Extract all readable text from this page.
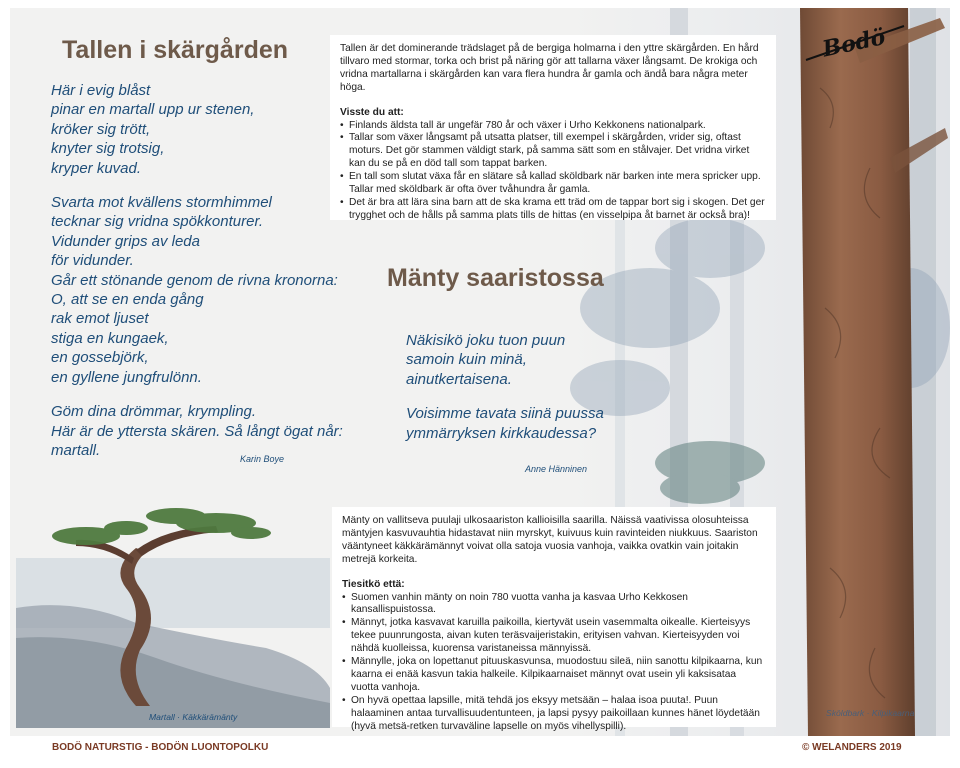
Bodö
Tallen i skärgården

Här i evig blåst
pinar en martall upp ur stenen,
kröker sig trött,
knyter sig trotsig,
kryper kuvad.

Svarta mot kvällens stormhimmel
tecknar sig vridna spökkonturer.
Vidunder grips av leda
för vidunder.
Går ett stönande genom de rivna kronorna:
O, att se en enda gång
rak emot ljuset
stiga en kungaek,
en gossebjörk,
en gyllene jungfrulönn.

Göm dina drömmar, krympling.
Här är de yttersta skären. Så långt ögat når:
martall.

Karin Boye

Tallen är det dominerande trädslaget på de bergiga holmarna i den yttre skärgården. En hård tillvaro med stormar, torka och brist på näring gör att tallarna växer långsamt. De krokiga och vridna martallarna i skärgården kan vara flera hundra år gamla och ändå bara några meter höga.

Visste du att:

• Finlands äldsta tall är ungefär 780 år och växer i Urho Kekkonens nationalpark.
• Tallar som växer långsamt på utsatta platser, till exempel i skärgården, vrider sig, oftast moturs. Det gör stammen väldigt stark, på samma sätt som en stålvajer. Det vridna virket kan du se på en död tall som tappat barken.
• En tall som slutat växa får en slätare så kallad sköldbark när barken inte mera spricker upp. Tallar med sköldbark är ofta över tvåhundra år gamla.
• Det är bra att lära sina barn att de ska krama ett träd om de tappar bort sig i skogen. Det ger trygghet och de hålls på samma plats tills de hittas (en visselpipa åt barnet är också bra)!
Mänty saaristossa

Näkisikö joku tuon puun
samoin kuin minä,
ainutkertaisena.

Voisimme tavata siinä puussa
ymmärryksen kirkkaudessa?

Anne Hänninen
Martall · Käkkärämänty	Sköldbark · Kilpikaarna

Mänty on vallitseva puulaji ulkosaariston kallioisilla saarilla. Näissä vaativissa olosuhteissa mäntyjen kasvuvauhtia hidastavat niin myrskyt, kuivuus kuin ravinteiden niukkuus. Saariston vääntyneet käkkärämännyt voivat olla satoja vuosia vanhoja, vaikka ovatkin vain joitakin metrejä korkeita.

Tiesitkö että:

• Suomen vanhin mänty on noin 780 vuotta vanha ja kasvaa Urho Kekkosen kansallispuistossa.
• Männyt, jotka kasvavat karuilla paikoilla, kiertyvät usein vasemmalta oikealle. Kierteisyys tekee puunrungosta, aivan kuten teräsvaijeristakin, erityisen vahvan. Kierteisyyden voi nähdä kuolleissa, kuorensa varistaneissa männyissä.
• Männylle, joka on lopettanut pituuskasvunsa, muodostuu sileä, niin sanottu kilpikaarna, kun kaarna ei enää kasvun takia halkeile. Kilpikaarnaiset männyt ovat usein yli kaksisataa vuotta vanhoja.
• On hyvä opettaa lapsille, mitä tehdä jos eksyy metsään – halaa isoa puuta!. Puun halaaminen antaa turvallisuudentunteen, ja lapsi pysyy paikoillaan kunnes hänet löydetään (hyvä metsä-retken turvaväline lapselle on myös vihellyspilli).
BODÖ NATURSTIG - BODÖN LUONTOPOLKU	© WELANDERS 2019
